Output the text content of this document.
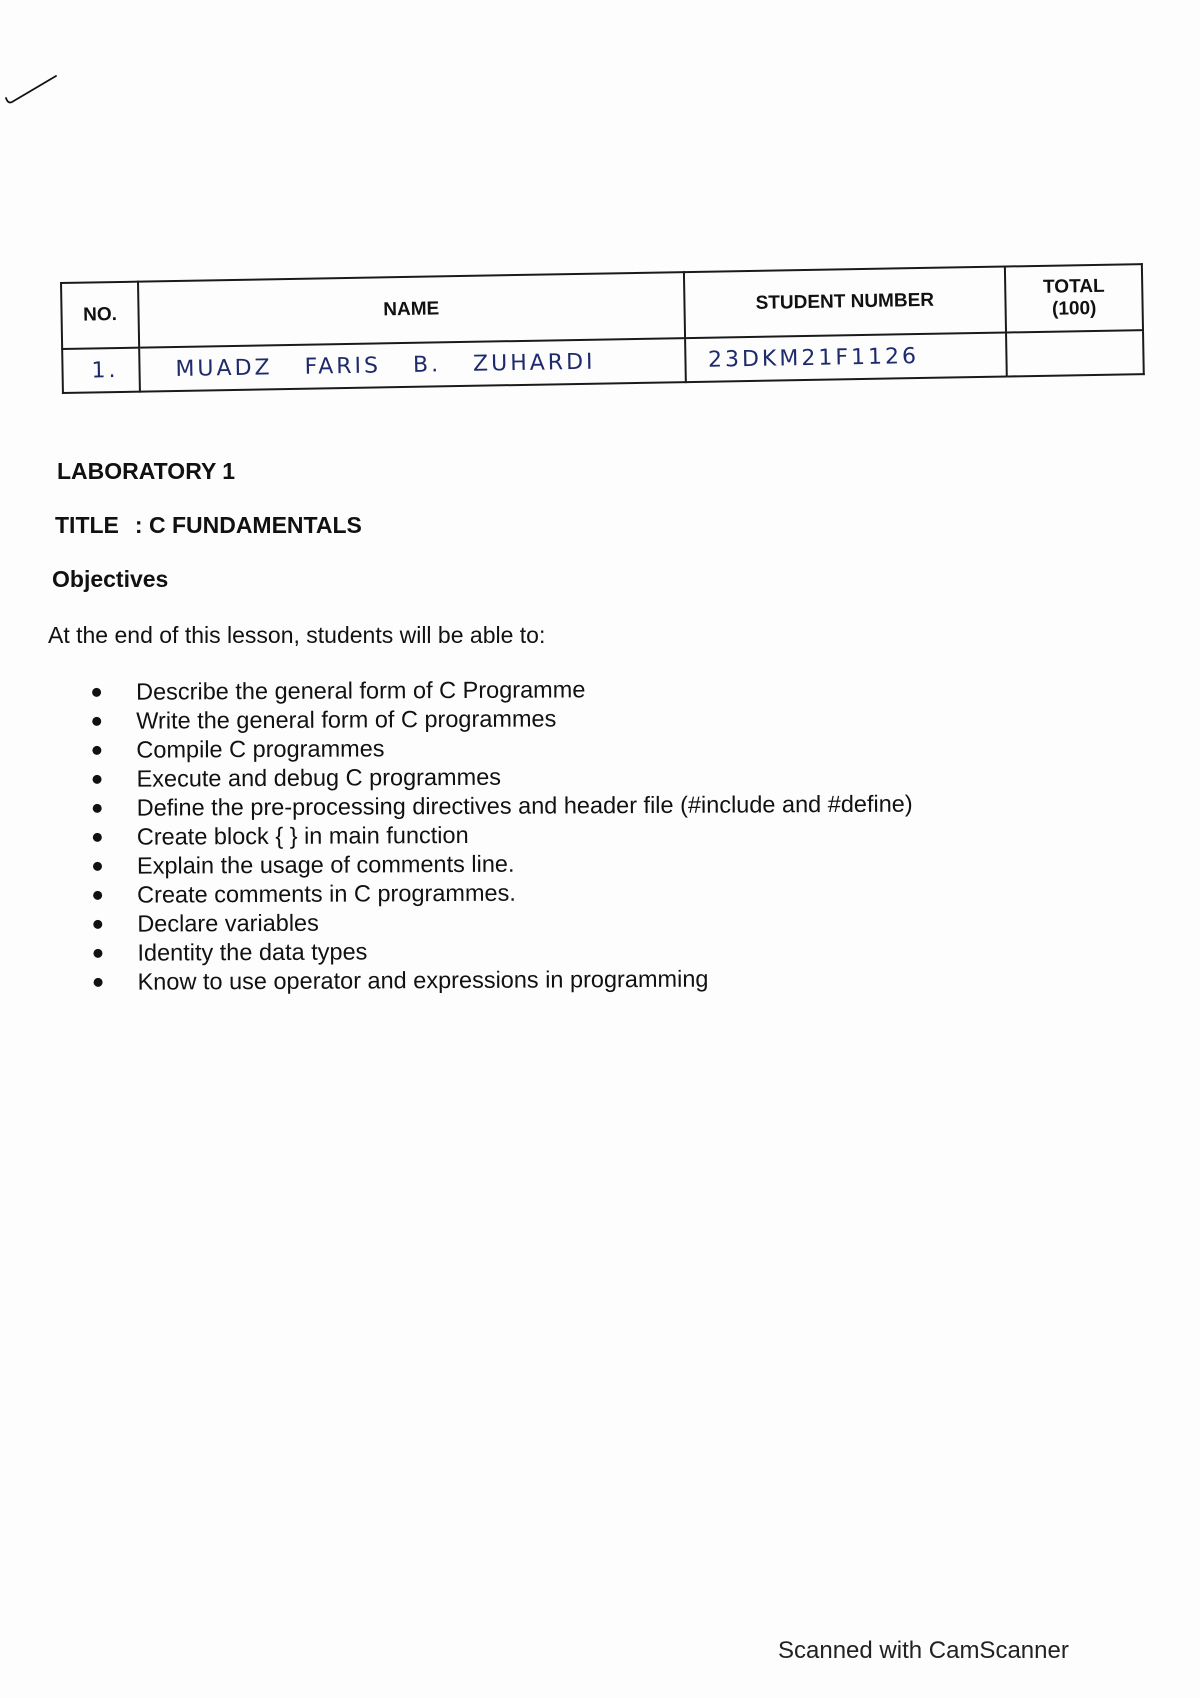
NO.	NAME	STUDENT NUMBER	TOTAL
(100)

1.	MUADZ FARIS B. ZUHARDI	23DKM21F1126	

LABORATORY 1

TITLE : C FUNDAMENTALS

Objectives

At the end of this lesson, students will be able to:

Describe the general form of C Programme
Write the general form of C programmes
Compile C programmes
Execute and debug C programmes
Define the pre-processing directives and header file (#include and #define)
Create block { } in main function
Explain the usage of comments line.
Create comments in C programmes.
Declare variables
Identity the data types
Know to use operator and expressions in programming

Scanned with CamScanner
